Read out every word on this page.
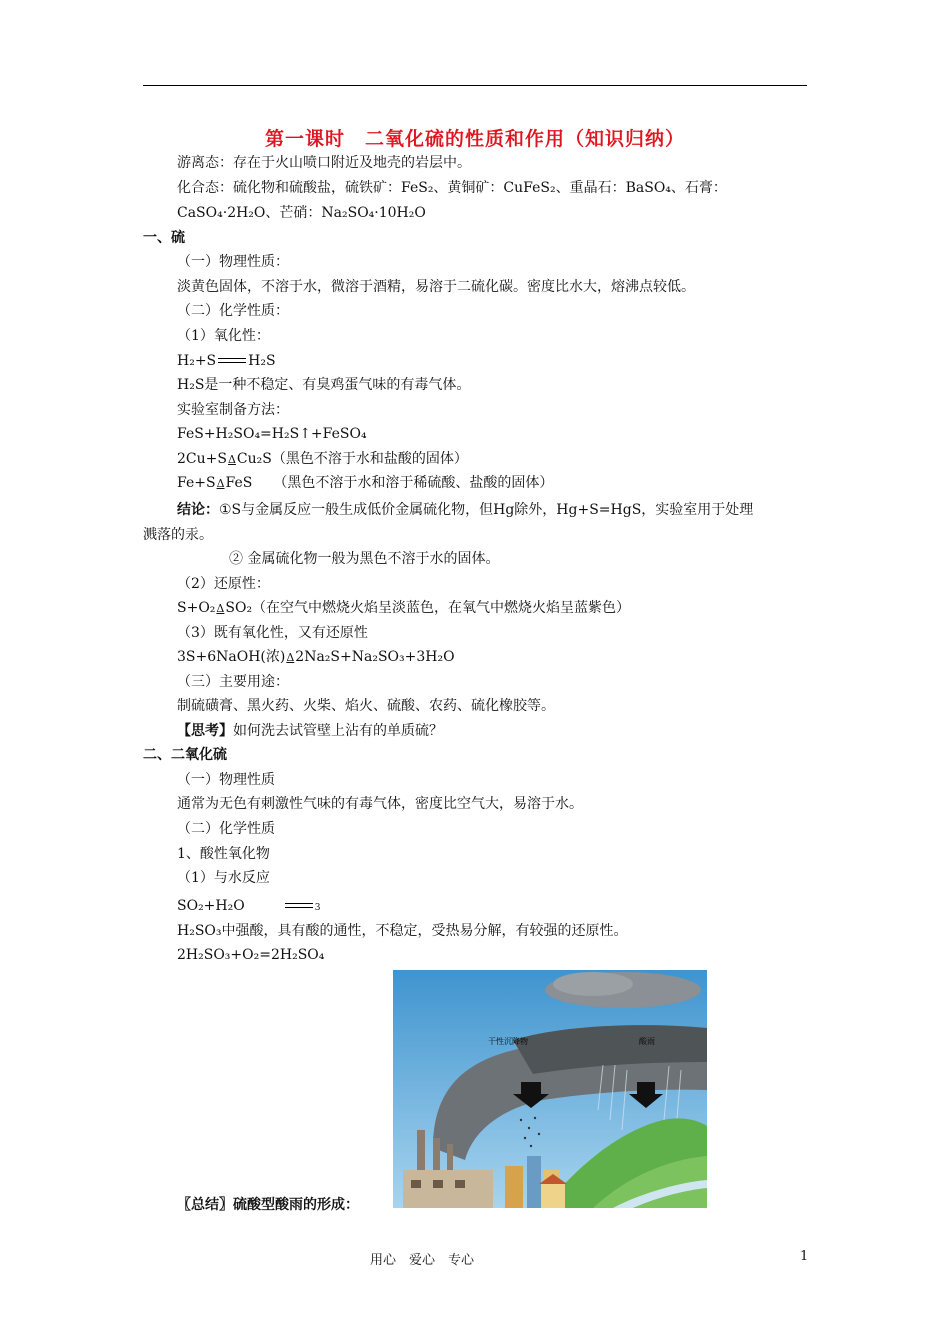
第一课时　二氧化硫的性质和作用（知识归纳）
游离态：存在于火山喷口附近及地壳的岩层中。
化合态：硫化物和硫酸盐，硫铁矿：FeS₂、黄铜矿：CuFeS₂、重晶石：BaSO₄、石膏：
CaSO₄·2H₂O、芒硝：Na₂SO₄·10H₂O
一、硫
（一）物理性质：
淡黄色固体，不溶于水，微溶于酒精，易溶于二硫化碳。密度比水大，熔沸点较低。
（二）化学性质：
（1）氧化性：
H₂+S H₂S
H₂S是一种不稳定、有臭鸡蛋气味的有毒气体。
实验室制备方法：
FeS+H₂SO₄=H₂S↑+FeSO₄
2Cu+SΔCu₂S（黑色不溶于水和盐酸的固体）
Fe+SΔFeS　　（黑色不溶于水和溶于稀硫酸、盐酸的固体）
结论：①S与金属反应一般生成低价金属硫化物，但Hg除外，Hg+S=HgS，实验室用于处理
溅落的汞。
② 金属硫化物一般为黑色不溶于水的固体。
（2）还原性：
S+O₂ΔSO₂（在空气中燃烧火焰呈淡蓝色，在氧气中燃烧火焰呈蓝紫色）
（3）既有氧化性，又有还原性
3S+6NaOH(浓)Δ2Na₂S+Na₂SO₃+3H₂O
（三）主要用途：
制硫磺膏、黑火药、火柴、焰火、硫酸、农药、硫化橡胶等。
【思考】如何洗去试管壁上沾有的单质硫？
二、二氧化硫
（一）物理性质
通常为无色有刺激性气味的有毒气体，密度比空气大，易溶于水。
（二）化学性质
1、酸性氧化物
（1）与水反应
SO₂+H₂O	3
H₂SO₃中强酸，具有酸的通性，不稳定，受热易分解，有较强的还原性。
2H₂SO₃+O₂=2H₂SO₄
干性沉降物	酸雨
〖总结〗硫酸型酸雨的形成：
用心　爱心　专心	1
